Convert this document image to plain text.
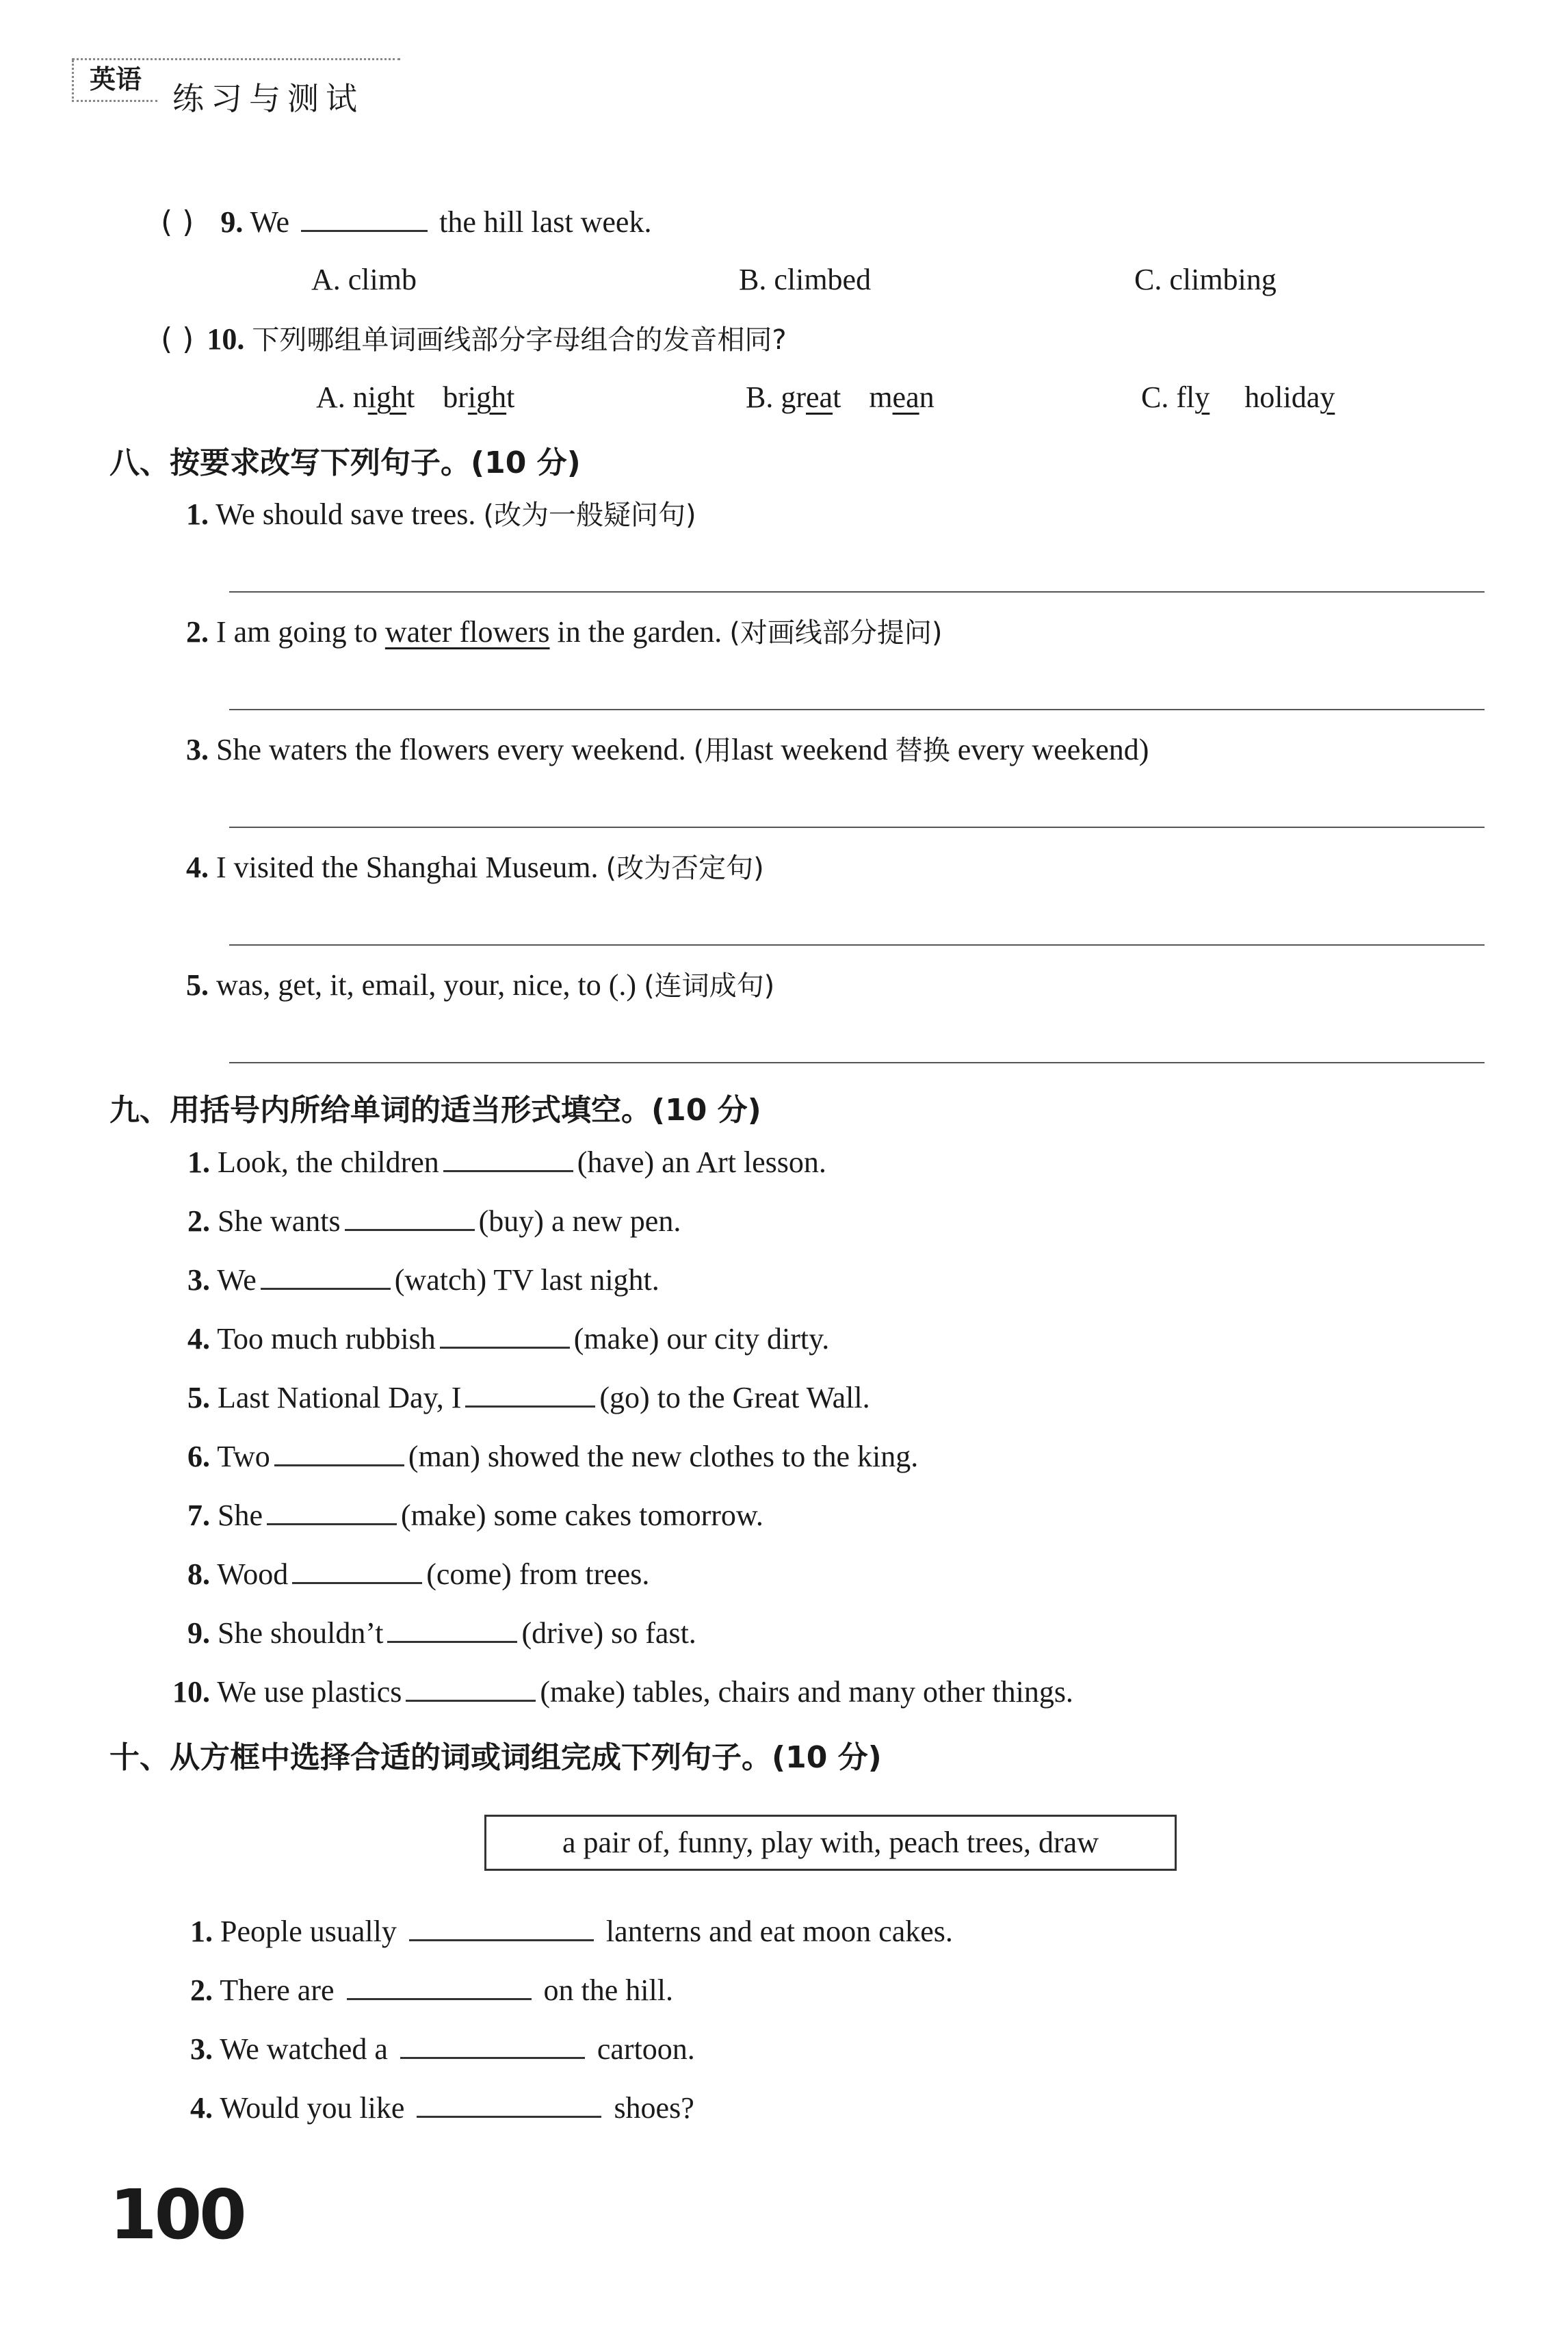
英语
练习与测试
( ) 9. We	the hill last week.
A. climb	B. climbed	C. climbing
( ) 10. 下列哪组单词画线部分字母组合的发音相同?
A. night bright	B. great mean	C. fly holiday
八、按要求改写下列句子。(10 分)
1. We should save trees. (改为一般疑问句)
2. I am going to water flowers in the garden. (对画线部分提问)
3. She waters the flowers every weekend. (用last weekend 替换 every weekend)
4. I visited the Shanghai Museum. (改为否定句)
5. was, get, it, email, your, nice, to (.) (连词成句)
九、用括号内所给单词的适当形式填空。(10 分)
1. Look, the children	(have) an Art lesson.
2. She wants	(buy) a new pen.
3. We	(watch) TV last night.
4. Too much rubbish	(make) our city dirty.
5. Last National Day, I	(go) to the Great Wall.
6. Two	(man) showed the new clothes to the king.
7. She	(make) some cakes tomorrow.
8. Wood	(come) from trees.
9. She shouldn’t	(drive) so fast.
10. We use plastics	(make) tables, chairs and many other things.
十、从方框中选择合适的词或词组完成下列句子。(10 分)
a pair of, funny, play with, peach trees, draw
1. People usually	lanterns and eat moon cakes.
2. There are	on the hill.
3. We watched a	cartoon.
4. Would you like	shoes?
100
